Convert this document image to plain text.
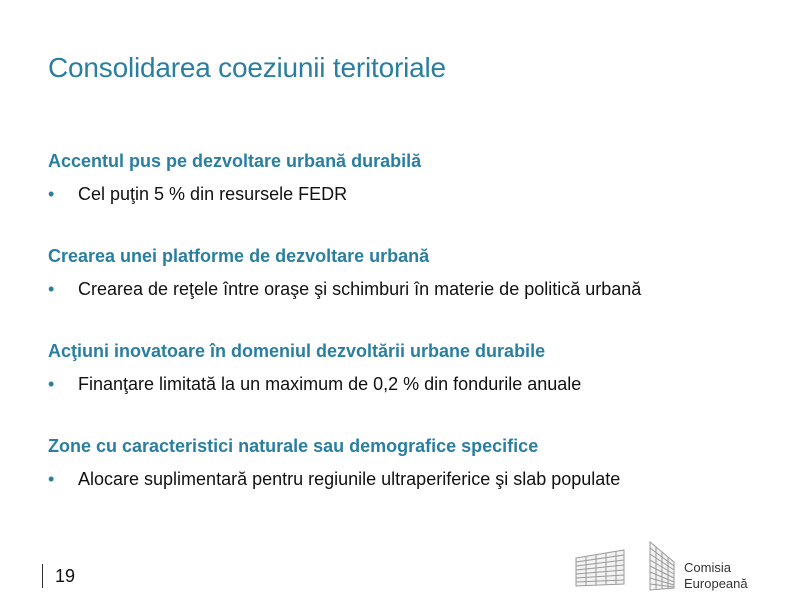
Consolidarea coeziunii teritoriale

Accentul pus pe dezvoltare urbană durabilă

•	Cel puţin 5 % din resursele FEDR

Crearea unei platforme de dezvoltare urbană

•	Crearea de reţele între oraşe şi schimburi în materie de politică urbană

Acţiuni inovatoare în domeniul dezvoltării urbane durabile

•	Finanţare limitată la un maximum de 0,2 % din fondurile anuale

Zone cu caracteristici naturale sau demografice specifice

•	Alocare suplimentară pentru regiunile ultraperiferice şi slab populate
19	Comisia
Europeană
